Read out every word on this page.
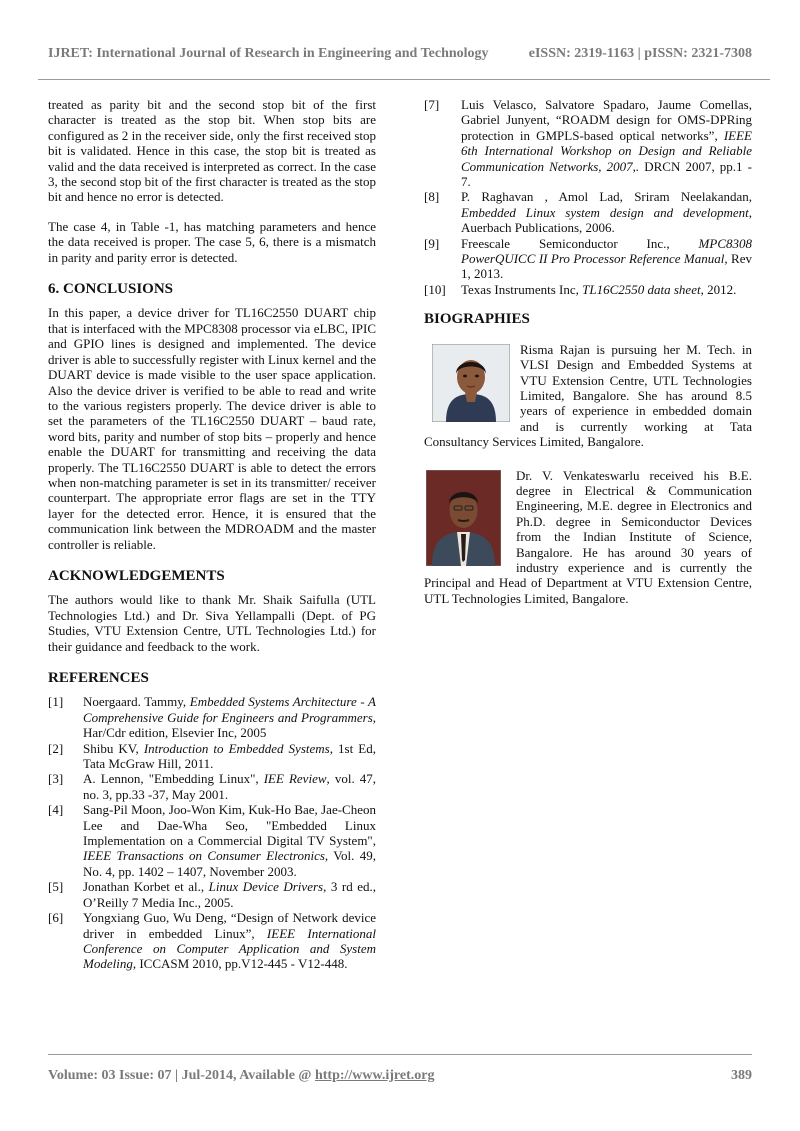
IJRET: International Journal of Research in Engineering and Technology	eISSN: 2319-1163 | pISSN: 2321-7308

treated as parity bit and the second stop bit of the first character is treated as the stop bit. When stop bits are configured as 2 in the receiver side, only the first received stop bit is validated. Hence in this case, the stop bit is treated as valid and the data received is interpreted as correct. In the case 3, the second stop bit of the first character is treated as the stop bit and hence no error is detected.

The case 4, in Table -1, has matching parameters and hence the data received is proper. The case 5, 6, there is a mismatch in parity and parity error is detected.

6. CONCLUSIONS

In this paper, a device driver for TL16C2550 DUART chip that is interfaced with the MPC8308 processor via eLBC, IPIC and GPIO lines is designed and implemented. The device driver is able to successfully register with Linux kernel and the DUART device is made visible to the user space application. Also the device driver is verified to be able to read and write to the various registers properly. The device driver is able to set the parameters of the TL16C2550 DUART – baud rate, word bits, parity and number of stop bits – properly and hence enable the DUART for transmitting and receiving the data properly. The TL16C2550 DUART is able to detect the errors when non-matching parameter is set in its transmitter/ receiver counterpart. The appropriate error flags are set in the TTY layer for the detected error. Hence, it is ensured that the communication link between the MDROADM and the master controller is reliable.

ACKNOWLEDGEMENTS

The authors would like to thank Mr. Shaik Saifulla (UTL Technologies Ltd.) and Dr. Siva Yellampalli (Dept. of PG Studies, VTU Extension Centre, UTL Technologies Ltd.) for their guidance and feedback to the work.

REFERENCES
[1]	Noergaard. Tammy, Embedded Systems Architecture - A Comprehensive Guide for Engineers and Programmers, Har/Cdr edition, Elsevier Inc, 2005
[2]	Shibu KV, Introduction to Embedded Systems, 1st Ed, Tata McGraw Hill, 2011.
[3]	A. Lennon, "Embedding Linux", IEE Review, vol. 47, no. 3, pp.33 -37, May 2001.
[4]	Sang-Pil Moon, Joo-Won Kim, Kuk-Ho Bae, Jae-Cheon Lee and Dae-Wha Seo, "Embedded Linux Implementation on a Commercial Digital TV System", IEEE Transactions on Consumer Electronics, Vol. 49, No. 4, pp. 1402 – 1407, November 2003.
[5]	Jonathan Korbet et al., Linux Device Drivers, 3 rd ed., O’Reilly 7 Media Inc., 2005.
[6]	Yongxiang Guo, Wu Deng, “Design of Network device driver in embedded Linux”, IEEE International Conference on Computer Application and System Modeling, ICCASM 2010, pp.V12-445 - V12-448.
[7]	Luis Velasco, Salvatore Spadaro, Jaume Comellas, Gabriel Junyent, “ROADM design for OMS-DPRing protection in GMPLS-based optical networks”, IEEE 6th International Workshop on Design and Reliable Communication Networks, 2007,. DRCN 2007, pp.1 - 7.
[8]	P. Raghavan , Amol Lad, Sriram Neelakandan, Embedded Linux system design and development, Auerbach Publications, 2006.
[9]	Freescale Semiconductor Inc., MPC8308 PowerQUICC II Pro Processor Reference Manual, Rev 1, 2013.
[10]	Texas Instruments Inc, TL16C2550 data sheet, 2012.
BIOGRAPHIES

Risma Rajan is pursuing her M. Tech. in VLSI Design and Embedded Systems at VTU Extension Centre, UTL Technologies Limited, Bangalore. She has around 8.5 years of experience in embedded domain and is currently working at Tata Consultancy Services Limited, Bangalore.

Dr. V. Venkateswarlu received his B.E. degree in Electrical & Communication Engineering, M.E. degree in Electronics and Ph.D. degree in Semiconductor Devices from the Indian Institute of Science, Bangalore. He has around 30 years of industry experience and is currently the Principal and Head of Department at VTU Extension Centre, UTL Technologies Limited, Bangalore.

Volume: 03 Issue: 07 | Jul-2014, Available @ http://www.ijret.org	389
